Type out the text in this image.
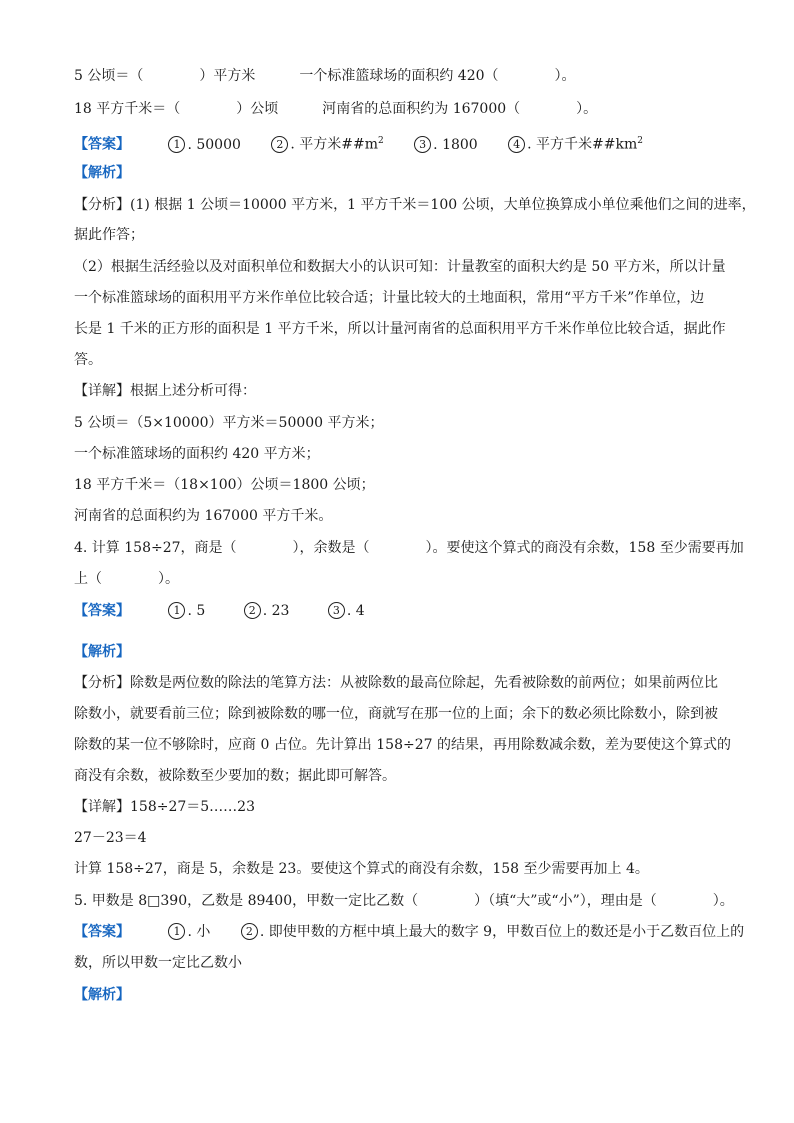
5 公顷＝（　　　　）平方米	一个标准篮球场的面积约 420（　　　　）。
18 平方千米＝（　　　　）公顷	河南省的总面积约为 167000（　　　　）。
【答案】	1 . 50000	2 . 平方米$\#\#m^2$	3 . 1800	4 . 平方千米$\#\#km^2$
【解析】
【分析】(1) 根据 1 公顷＝10000 平方米，1 平方千米＝100 公顷，大单位换算成小单位乘他们之间的进率，
据此作答；
（2）根据生活经验以及对面积单位和数据大小的认识可知：计量教室的面积大约是 50 平方米，所以计量
一个标准篮球场的面积用平方米作单位比较合适；计量比较大的土地面积，常用“平方千米”作单位，边
长是 1 千米的正方形的面积是 1 平方千米，所以计量河南省的总面积用平方千米作单位比较合适，据此作
答。
【详解】根据上述分析可得：
5 公顷＝（5×10000）平方米＝50000 平方米；
一个标准篮球场的面积约 420 平方米；
18 平方千米＝（18×100）公顷＝1800 公顷；
河南省的总面积约为 167000 平方千米。
4. 计算 158÷27，商是（　　　　），余数是（　　　　）。要使这个算式的商没有余数，158 至少需要再加
上（　　　　）。
【答案】	1 . 5	2 . 23	3 . 4
【解析】
【分析】除数是两位数的除法的笔算方法：从被除数的最高位除起，先看被除数的前两位；如果前两位比
除数小，就要看前三位；除到被除数的哪一位，商就写在那一位的上面；余下的数必须比除数小，除到被
除数的某一位不够除时，应商 0 占位。先计算出 158÷27 的结果，再用除数减余数，差为要使这个算式的
商没有余数，被除数至少要加的数；据此即可解答。
【详解】158÷27＝5……23
27－23＝4
计算 158÷27，商是 5，余数是 23。要使这个算式的商没有余数，158 至少需要再加上 4。
5. 甲数是 8□390，乙数是 89400，甲数一定比乙数（　　　　）（填“大”或“小”），理由是（　　　　）。
【答案】	1 . 小	2 . 即使甲数的方框中填上最大的数字 9，甲数百位上的数还是小于乙数百位上的
数，所以甲数一定比乙数小
【解析】
